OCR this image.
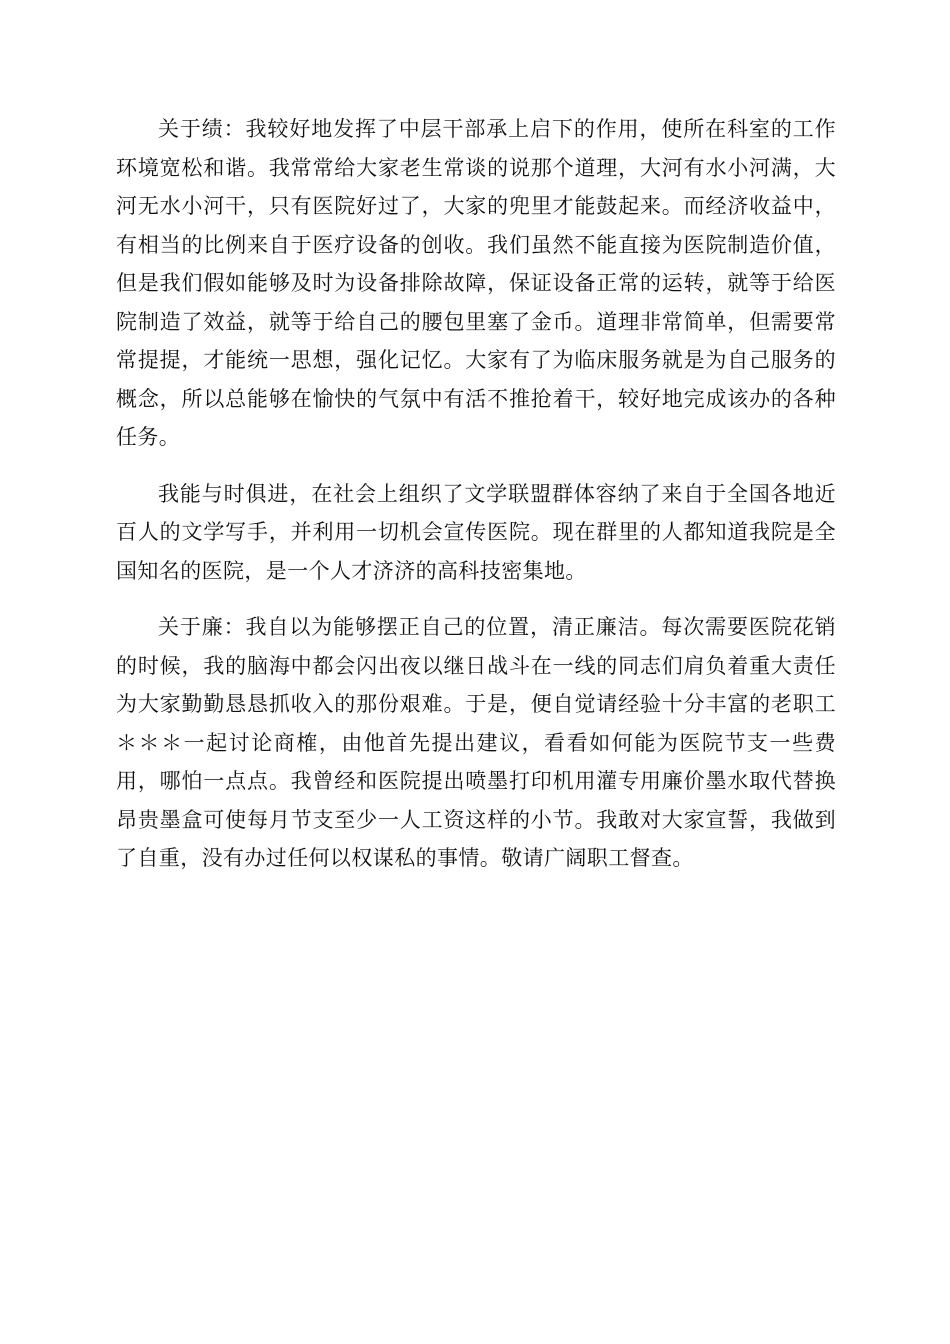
关于绩：我较好地发挥了中层干部承上启下的作用，使所在科室的工作环境宽松和谐。我常常给大家老生常谈的说那个道理，大河有水小河满，大河无水小河干，只有医院好过了，大家的兜里才能鼓起来。而经济收益中，有相当的比例来自于医疗设备的创收。我们虽然不能直接为医院制造价值，但是我们假如能够及时为设备排除故障，保证设备正常的运转，就等于给医院制造了效益，就等于给自己的腰包里塞了金币。道理非常简单，但需要常常提提，才能统一思想，强化记忆。大家有了为临床服务就是为自己服务的概念，所以总能够在愉快的气氛中有活不推抢着干，较好地完成该办的各种任务。

我能与时俱进，在社会上组织了文学联盟群体容纳了来自于全国各地近百人的文学写手，并利用一切机会宣传医院。现在群里的人都知道我院是全国知名的医院，是一个人才济济的高科技密集地。

关于廉：我自以为能够摆正自己的位置，清正廉洁。每次需要医院花销的时候，我的脑海中都会闪出夜以继日战斗在一线的同志们肩负着重大责任为大家勤勤恳恳抓收入的那份艰难。于是，便自觉请经验十分丰富的老职工＊＊＊一起讨论商榷，由他首先提出建议，看看如何能为医院节支一些费用，哪怕一点点。我曾经和医院提出喷墨打印机用灌专用廉价墨水取代替换昂贵墨盒可使每月节支至少一人工资这样的小节。我敢对大家宣誓，我做到了自重，没有办过任何以权谋私的事情。敬请广阔职工督查。
